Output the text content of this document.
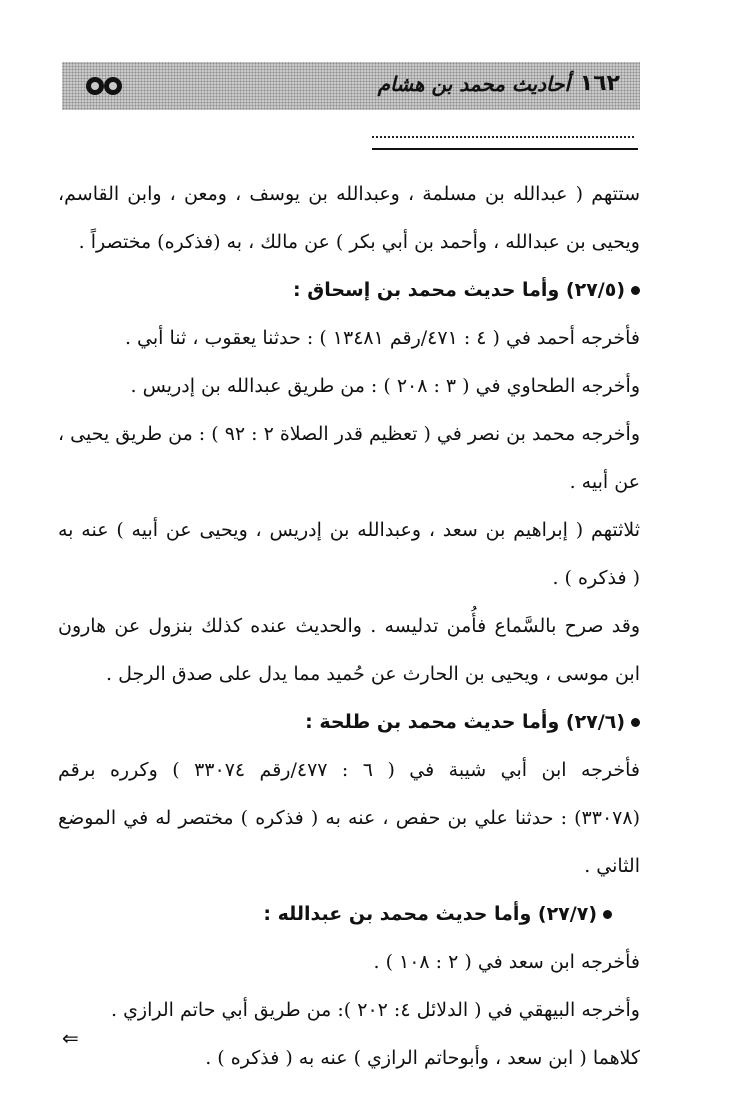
١٦٢
أحاديث محمد بن هشام
ستتهم ( عبدالله بن مسلمة ، وعبدالله بن يوسف ، ومعن ، وابن القاسم،
ويحيى بن عبدالله ، وأحمد بن أبي بكر ) عن مالك ، به (فذكره) مختصراً .
(٢٧/٥) وأما حديث محمد بن إسحاق :
فأخرجه أحمد في ( ٤ : ٤٧١/رقم ١٣٤٨١ ) : حدثنا يعقوب ، ثنا أبي .
وأخرجه الطحاوي في ( ٣ : ٢٠٨ ) : من طريق عبدالله بن إدريس .
وأخرجه محمد بن نصر في ( تعظيم قدر الصلاة ٢ : ٩٢ ) : من طريق يحيى ،
عن أبيه .
ثلاثتهم ( إبراهيم بن سعد ، وعبدالله بن إدريس ، ويحيى عن أبيه ) عنه به
( فذكره ) .
وقد صرح بالسَّماع فأُمن تدليسه . والحديث عنده كذلك بنزول عن هارون
ابن موسى ، ويحيى بن الحارث عن حُميد مما يدل على صدق الرجل .
(٢٧/٦) وأما حديث محمد بن طلحة :
فأخرجه ابن أبي شيبة في ( ٦ : ٤٧٧/رقم ٣٣٠٧٤ ) وكرره برقم
(٣٣٠٧٨) : حدثنا علي بن حفص ، عنه به ( فذكره ) مختصر له في الموضع
الثاني .
(٢٧/٧) وأما حديث محمد بن عبدالله :
فأخرجه ابن سعد في ( ٢ : ١٠٨ ) .
وأخرجه البيهقي في ( الدلائل ٤: ٢٠٢ ): من طريق أبي حاتم الرازي .
كلاهما ( ابن سعد ، وأبوحاتم الرازي ) عنه به ( فذكره ) .
⇐
